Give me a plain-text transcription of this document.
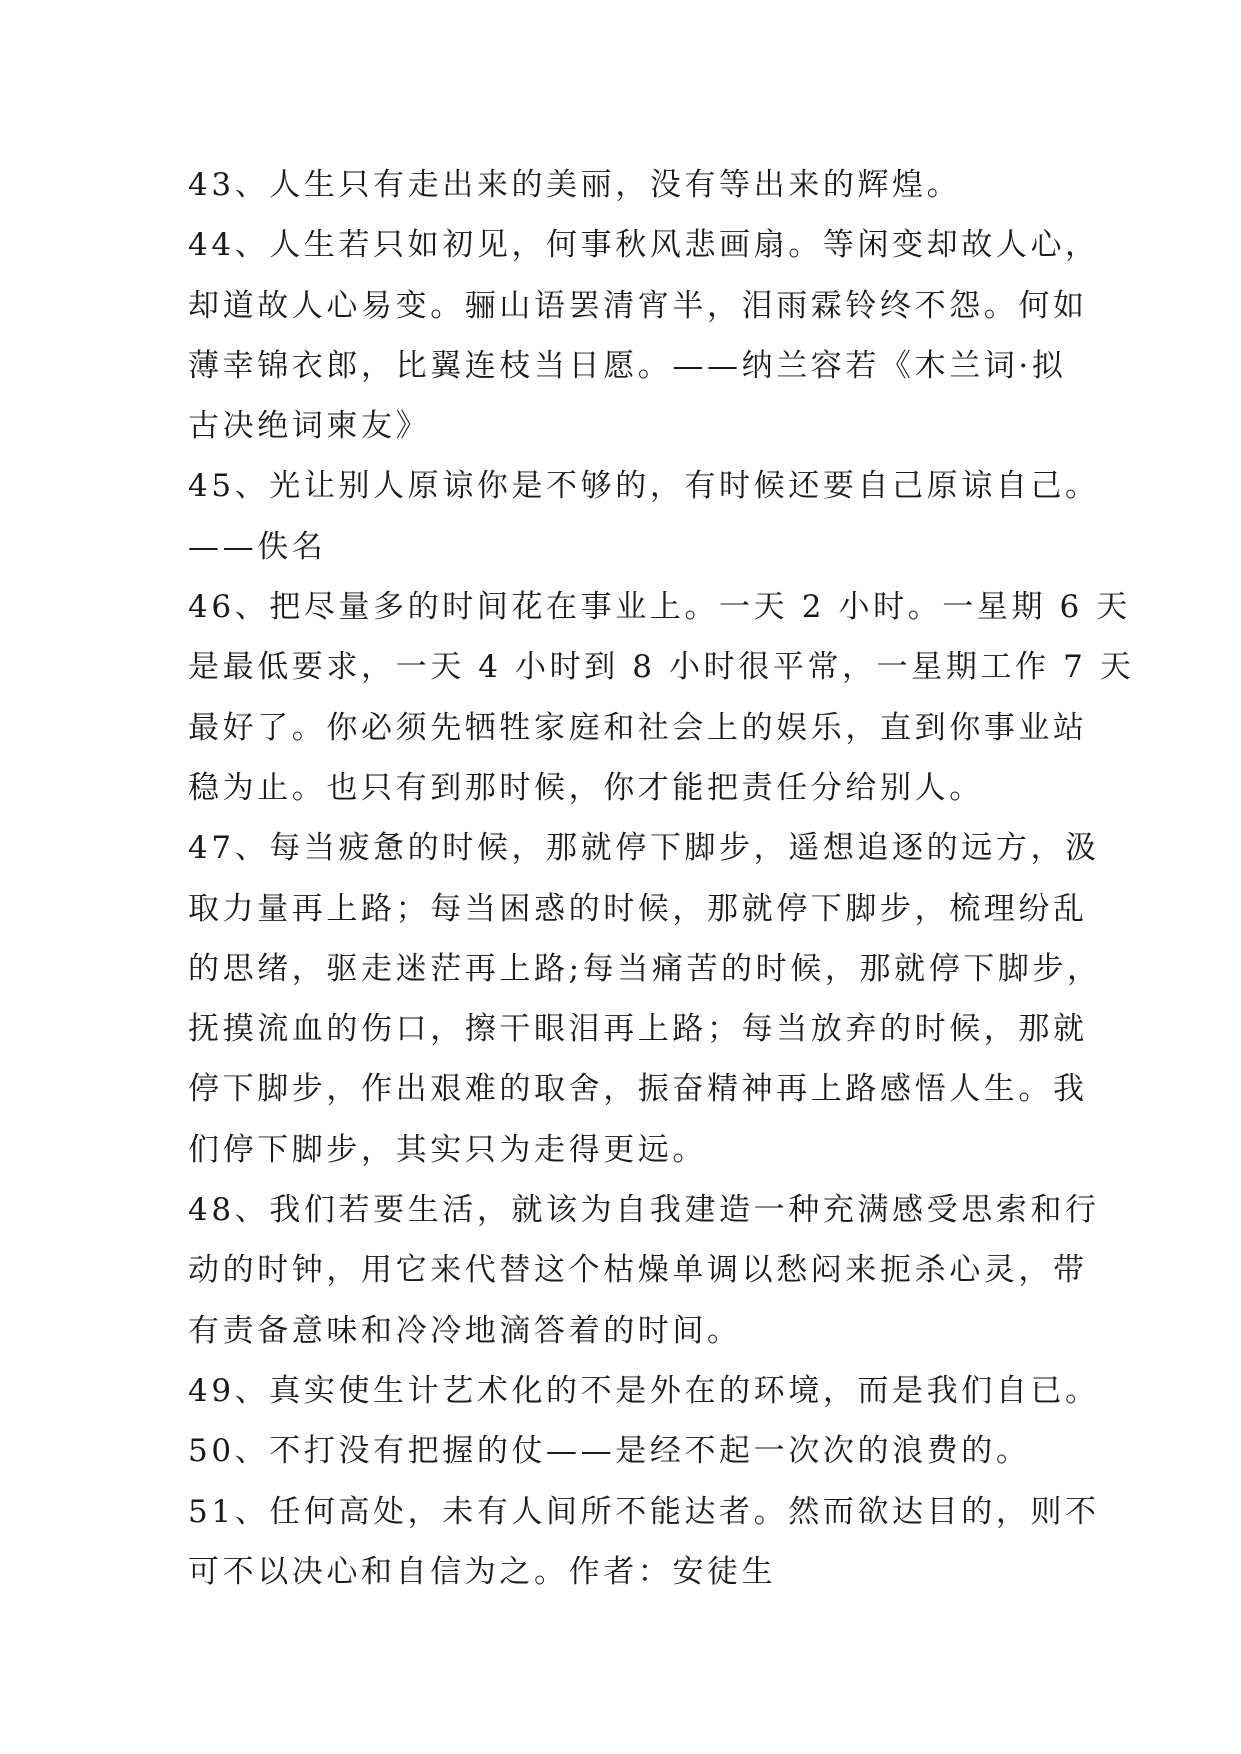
43、人生只有走出来的美丽，没有等出来的辉煌。
44、人生若只如初见，何事秋风悲画扇。等闲变却故人心，
却道故人心易变。骊山语罢清宵半，泪雨霖铃终不怨。何如
薄幸锦衣郎，比翼连枝当日愿。——纳兰容若《木兰词·拟
古决绝词柬友》
45、光让别人原谅你是不够的，有时候还要自己原谅自己。
——佚名
46、把尽量多的时间花在事业上。一天 2 小时。一星期 6 天
是最低要求，一天 4 小时到 8 小时很平常，一星期工作 7 天
最好了。你必须先牺牲家庭和社会上的娱乐，直到你事业站
稳为止。也只有到那时候，你才能把责任分给别人。
47、每当疲惫的时候，那就停下脚步，遥想追逐的远方，汲
取力量再上路；每当困惑的时候，那就停下脚步，梳理纷乱
的思绪，驱走迷茫再上路;每当痛苦的时候，那就停下脚步，
抚摸流血的伤口，擦干眼泪再上路；每当放弃的时候，那就
停下脚步，作出艰难的取舍，振奋精神再上路感悟人生。我
们停下脚步，其实只为走得更远。
48、我们若要生活，就该为自我建造一种充满感受思索和行
动的时钟，用它来代替这个枯燥单调以愁闷来扼杀心灵，带
有责备意味和冷冷地滴答着的时间。
49、真实使生计艺术化的不是外在的环境，而是我们自已。
50、不打没有把握的仗——是经不起一次次的浪费的。
51、任何高处，未有人间所不能达者。然而欲达目的，则不
可不以决心和自信为之。作者：安徒生
